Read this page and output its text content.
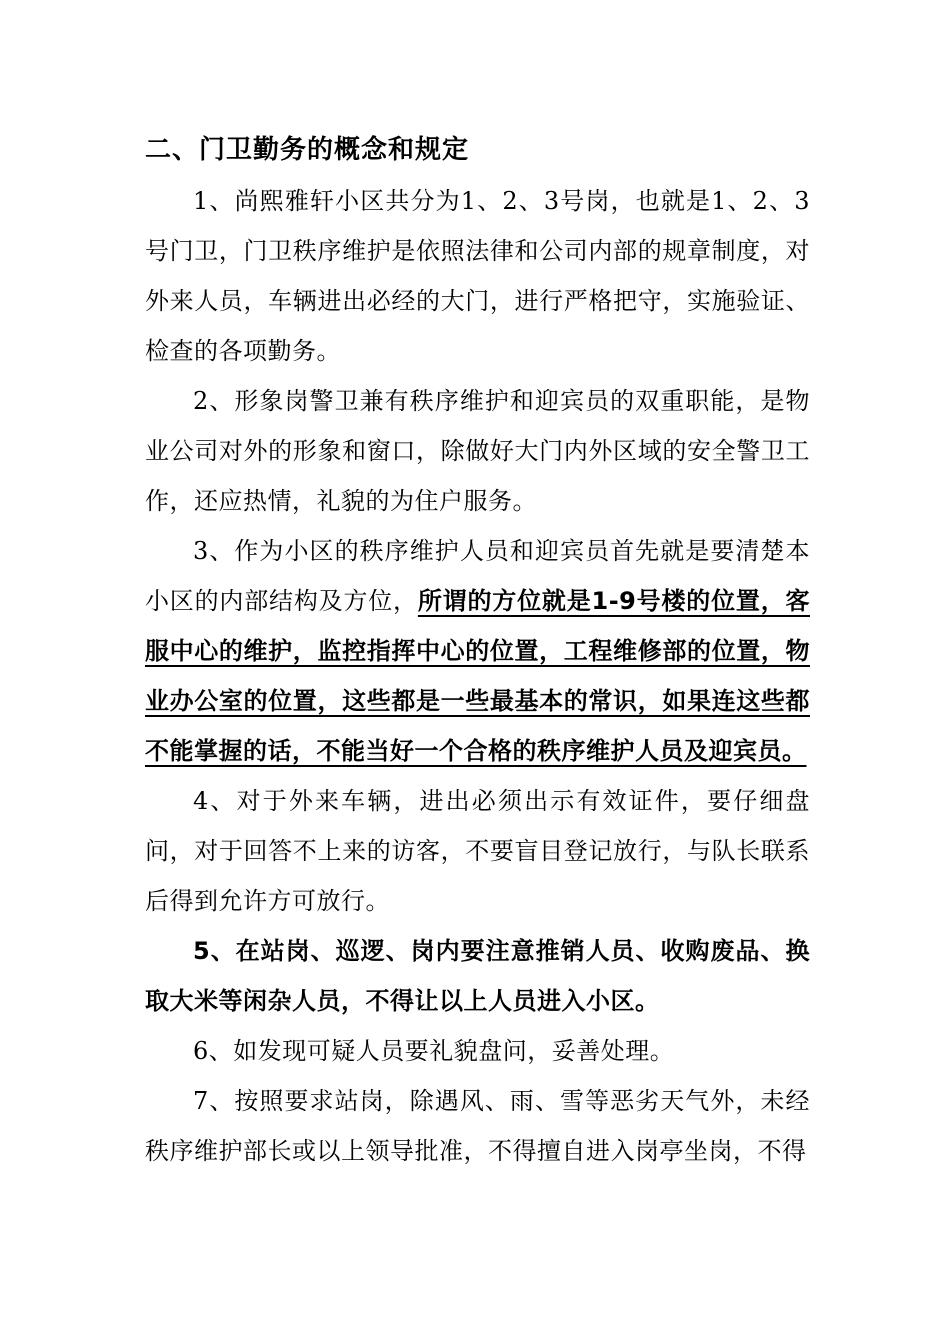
二、门卫勤务的概念和规定

1、尚熙雅轩小区共分为1、2、3号岗，也就是1、2、3号门卫，门卫秩序维护是依照法律和公司内部的规章制度，对外来人员，车辆进出必经的大门，进行严格把守，实施验证、检查的各项勤务。

2、形象岗警卫兼有秩序维护和迎宾员的双重职能，是物业公司对外的形象和窗口，除做好大门内外区域的安全警卫工作，还应热情，礼貌的为住户服务。

3、作为小区的秩序维护人员和迎宾员首先就是要清楚本小区的内部结构及方位，所谓的方位就是1-9号楼的位置，客服中心的维护，监控指挥中心的位置，工程维修部的位置，物业办公室的位置，这些都是一些最基本的常识，如果连这些都不能掌握的话，不能当好一个合格的秩序维护人员及迎宾员。

4、对于外来车辆，进出必须出示有效证件，要仔细盘问，对于回答不上来的访客，不要盲目登记放行，与队长联系后得到允许方可放行。

5、在站岗、巡逻、岗内要注意推销人员、收购废品、换取大米等闲杂人员，不得让以上人员进入小区。

6、如发现可疑人员要礼貌盘问，妥善处理。

7、按照要求站岗，除遇风、雨、雪等恶劣天气外，未经秩序维护部长或以上领导批准，不得擅自进入岗亭坐岗，不得
